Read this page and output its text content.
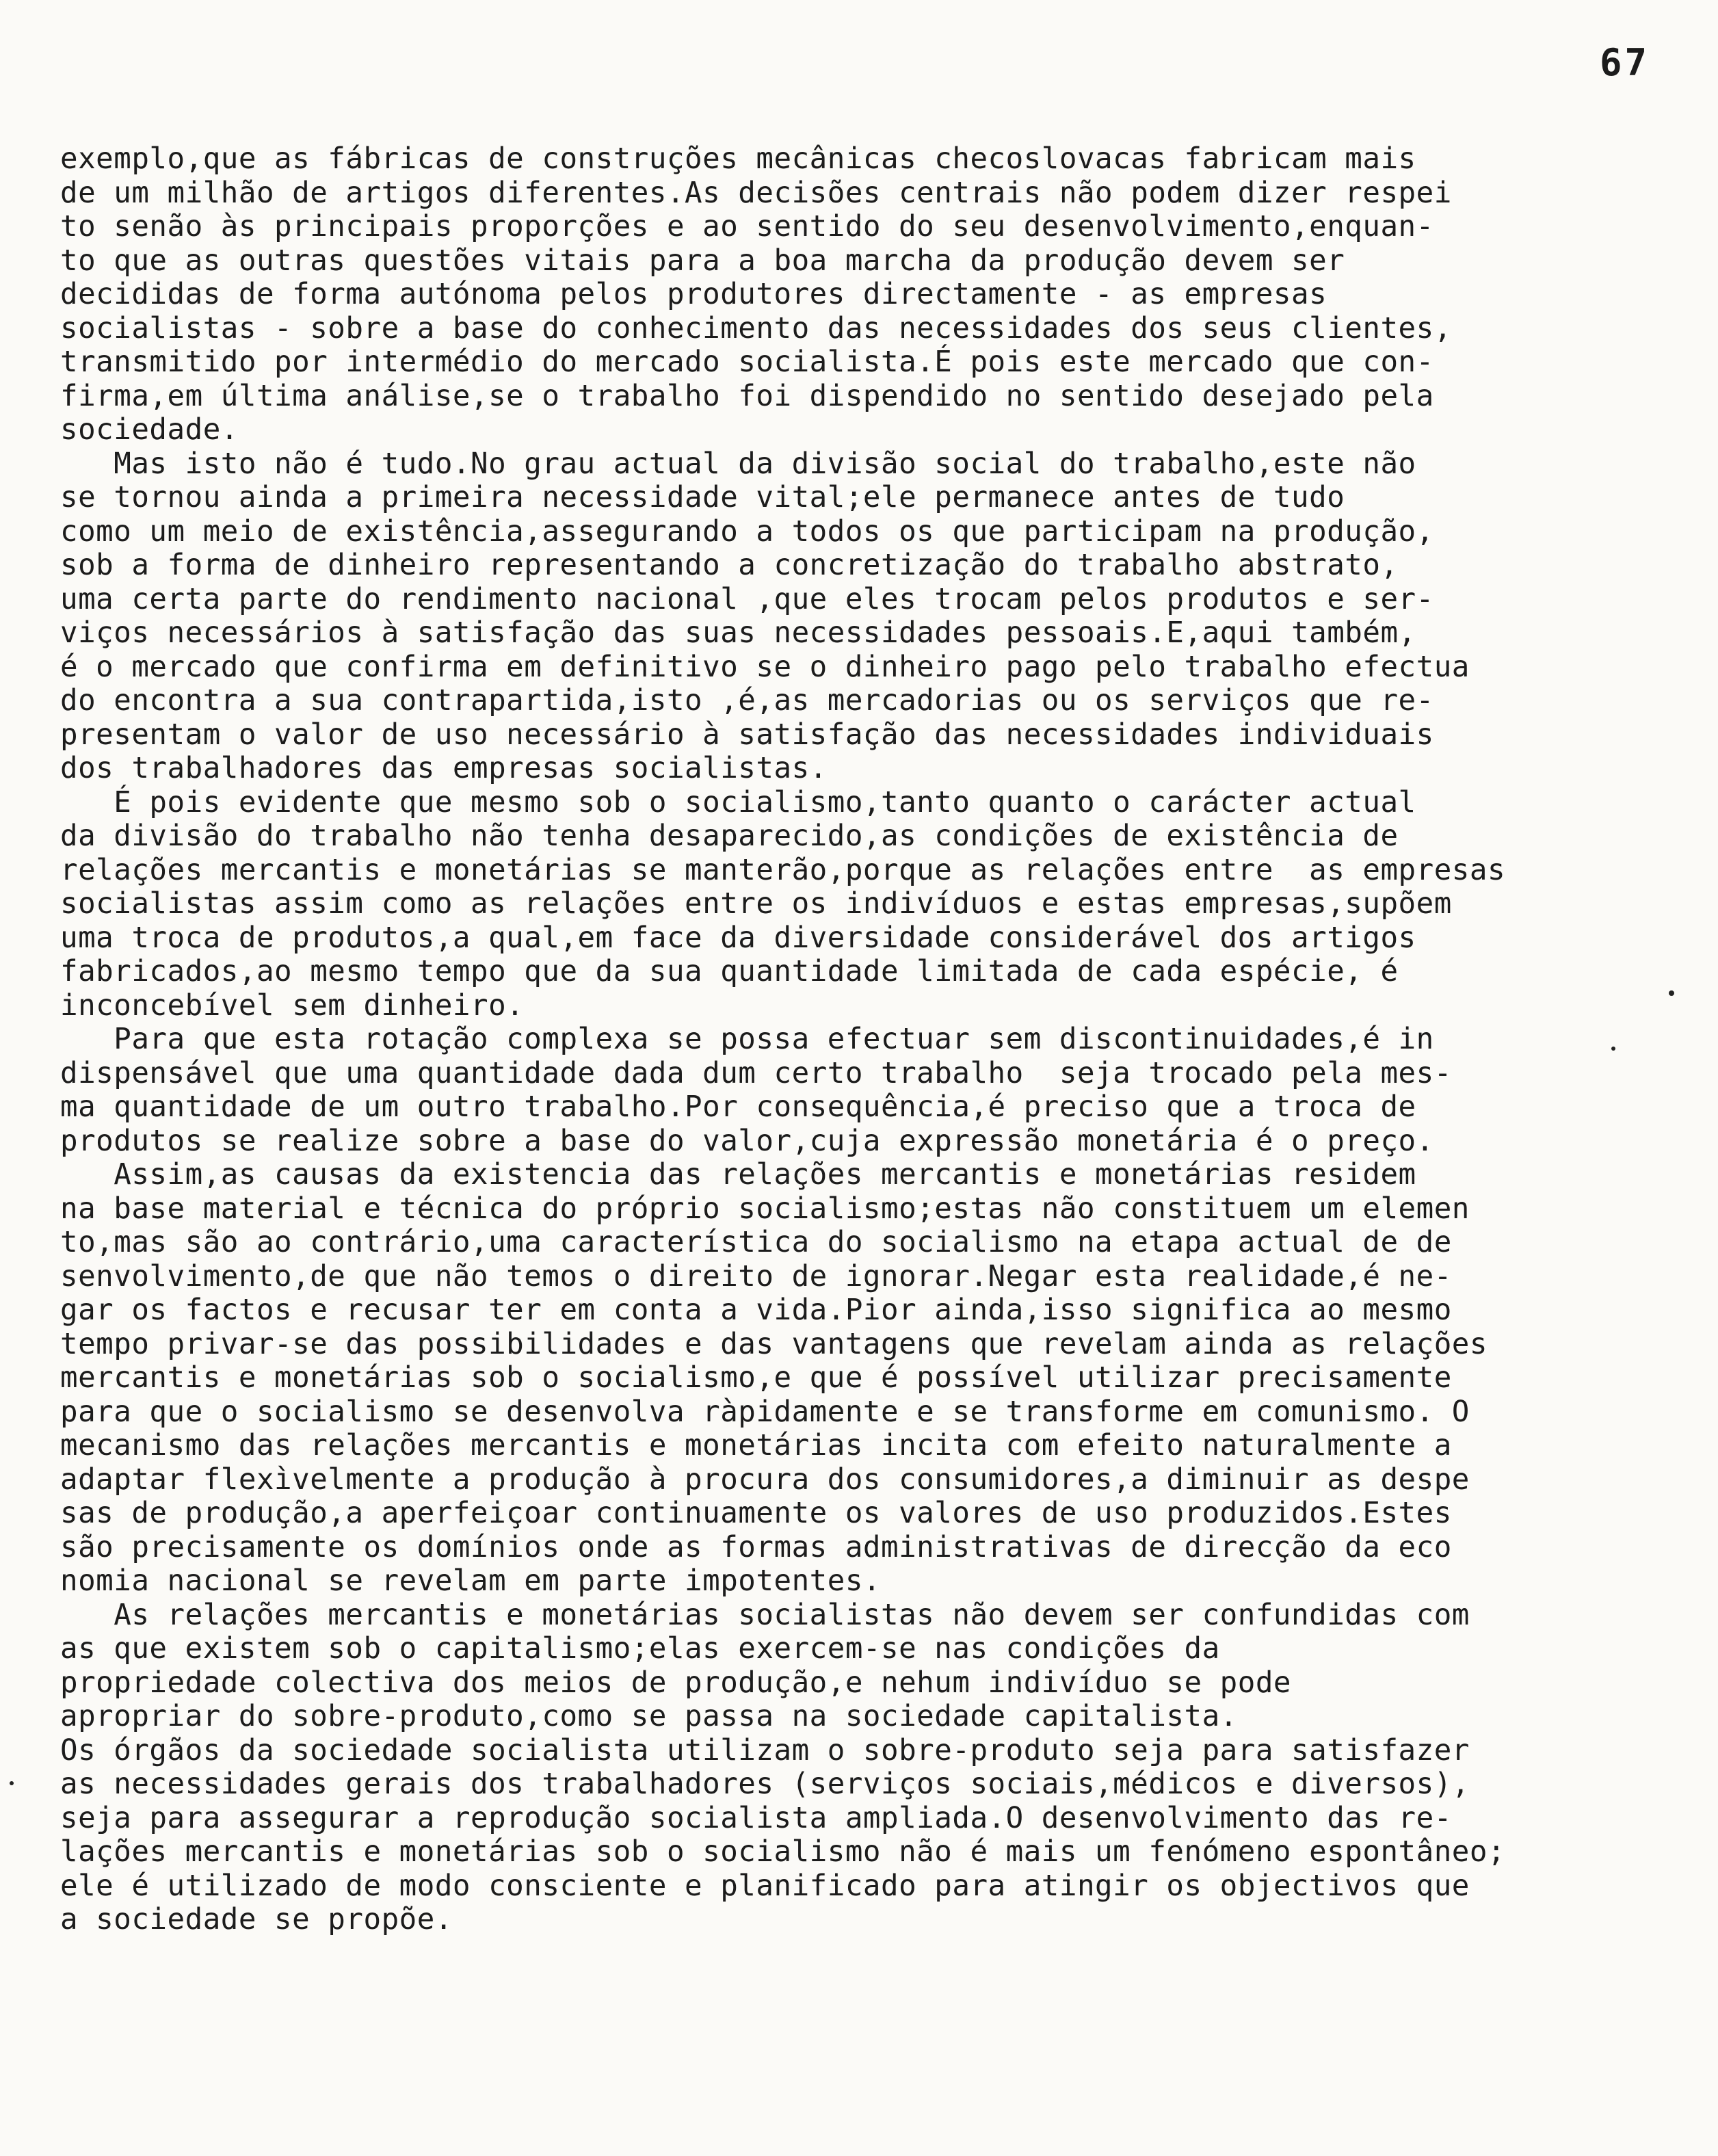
67

exemplo,que as fábricas de construções mecânicas checoslovacas fabricam mais
de um milhão de artigos diferentes.As decisões centrais não podem dizer respei
to senão às principais proporções e ao sentido do seu desenvolvimento,enquan-
to que as outras questões vitais para a boa marcha da produção devem ser
decididas de forma autónoma pelos produtores directamente - as empresas
socialistas - sobre a base do conhecimento das necessidades dos seus clientes,
transmitido por intermédio do mercado socialista.É pois este mercado que con-
firma,em última análise,se o trabalho foi dispendido no sentido desejado pela
sociedade.
Mas isto não é tudo.No grau actual da divisão social do trabalho,este não
se tornou ainda a primeira necessidade vital;ele permanece antes de tudo
como um meio de existência,assegurando a todos os que participam na produção,
sob a forma de dinheiro representando a concretização do trabalho abstrato,
uma certa parte do rendimento nacional ,que eles trocam pelos produtos e ser-
viços necessários à satisfação das suas necessidades pessoais.E,aqui também,
é o mercado que confirma em definitivo se o dinheiro pago pelo trabalho efectua
do encontra a sua contrapartida,isto ,é,as mercadorias ou os serviços que re-
presentam o valor de uso necessário à satisfação das necessidades individuais
dos trabalhadores das empresas socialistas.
É pois evidente que mesmo sob o socialismo,tanto quanto o carácter actual
da divisão do trabalho não tenha desaparecido,as condições de existência de
relações mercantis e monetárias se manterão,porque as relações entre  as empresas
socialistas assim como as relações entre os indivíduos e estas empresas,supõem
uma troca de produtos,a qual,em face da diversidade considerável dos artigos
fabricados,ao mesmo tempo que da sua quantidade limitada de cada espécie, é
inconcebível sem dinheiro.
Para que esta rotação complexa se possa efectuar sem discontinuidades,é in
dispensável que uma quantidade dada dum certo trabalho  seja trocado pela mes-
ma quantidade de um outro trabalho.Por consequência,é preciso que a troca de
produtos se realize sobre a base do valor,cuja expressão monetária é o preço.
Assim,as causas da existencia das relações mercantis e monetárias residem
na base material e técnica do próprio socialismo;estas não constituem um elemen
to,mas são ao contrário,uma característica do socialismo na etapa actual de de
senvolvimento,de que não temos o direito de ignorar.Negar esta realidade,é ne-
gar os factos e recusar ter em conta a vida.Pior ainda,isso significa ao mesmo
tempo privar-se das possibilidades e das vantagens que revelam ainda as relações
mercantis e monetárias sob o socialismo,e que é possível utilizar precisamente
para que o socialismo se desenvolva ràpidamente e se transforme em comunismo. O
mecanismo das relações mercantis e monetárias incita com efeito naturalmente a
adaptar flexìvelmente a produção à procura dos consumidores,a diminuir as despe
sas de produção,a aperfeiçoar continuamente os valores de uso produzidos.Estes
são precisamente os domínios onde as formas administrativas de direcção da eco
nomia nacional se revelam em parte impotentes.
As relações mercantis e monetárias socialistas não devem ser confundidas com
as que existem sob o capitalismo;elas exercem-se nas condições da
propriedade colectiva dos meios de produção,e nehum indivíduo se pode
apropriar do sobre-produto,como se passa na sociedade capitalista.
Os órgãos da sociedade socialista utilizam o sobre-produto seja para satisfazer
as necessidades gerais dos trabalhadores (serviços sociais,médicos e diversos),
seja para assegurar a reprodução socialista ampliada.O desenvolvimento das re-
lações mercantis e monetárias sob o socialismo não é mais um fenómeno espontâneo;
ele é utilizado de modo consciente e planificado para atingir os objectivos que
a sociedade se propõe.
